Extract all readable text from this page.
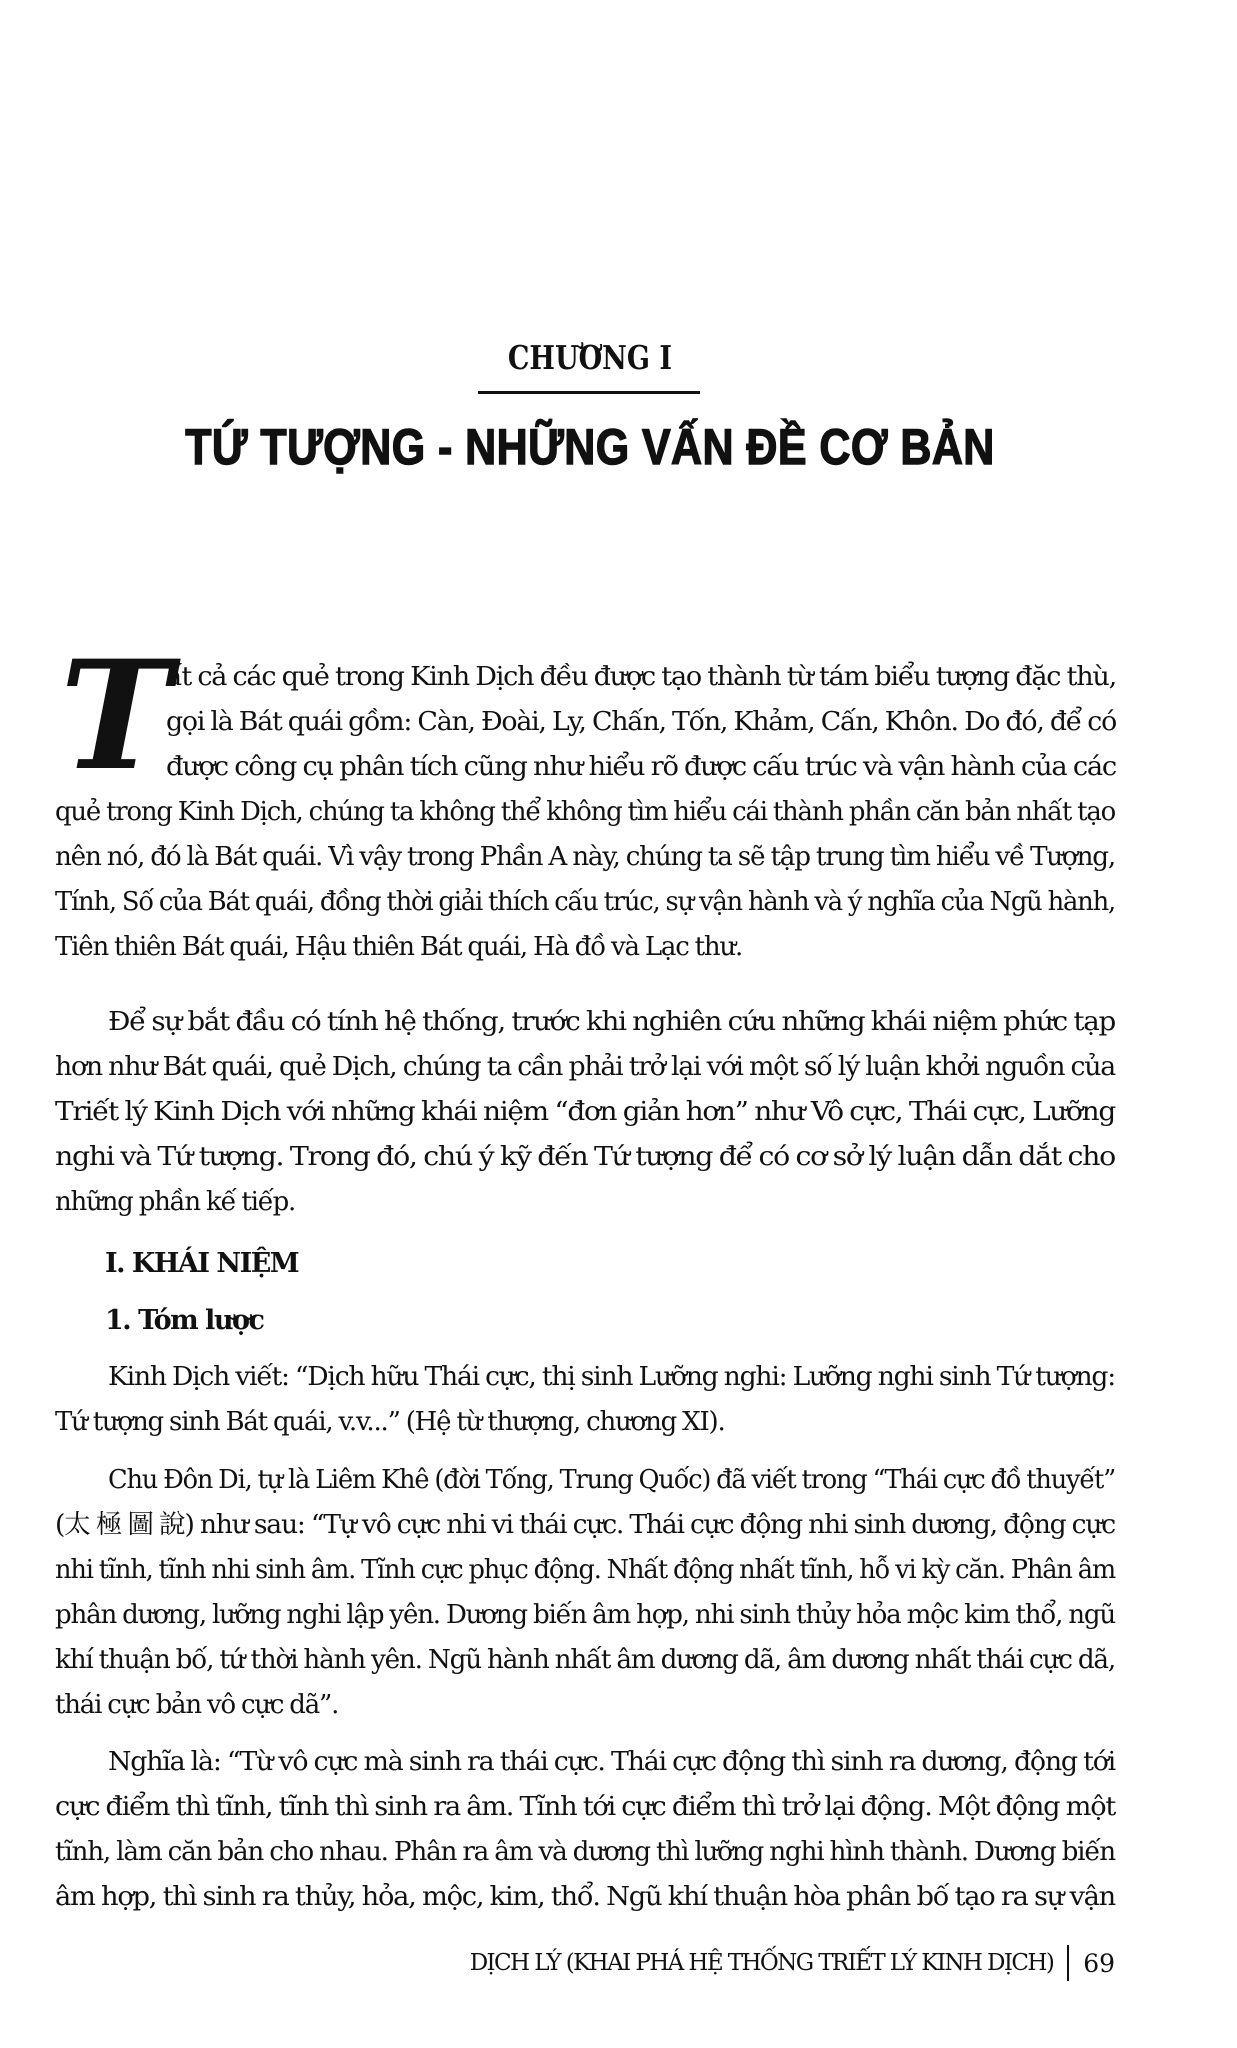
CHƯƠNG I
TỨ TƯỢNG - NHỮNG VẤN ĐỀ CƠ BẢN
T
ất cả các quẻ trong Kinh Dịch đều được tạo thành từ tám biểu tượng đặc thù,
gọi là Bát quái gồm: Càn, Đoài, Ly, Chấn, Tốn, Khảm, Cấn, Khôn. Do đó, để có
được công cụ phân tích cũng như hiểu rõ được cấu trúc và vận hành của các
quẻ trong Kinh Dịch, chúng ta không thể không tìm hiểu cái thành phần căn bản nhất tạo
nên nó, đó là Bát quái. Vì vậy trong Phần A này, chúng ta sẽ tập trung tìm hiểu về Tượng,
Tính, Số của Bát quái, đồng thời giải thích cấu trúc, sự vận hành và ý nghĩa của Ngũ hành,
Tiên thiên Bát quái, Hậu thiên Bát quái, Hà đồ và Lạc thư.
Để sự bắt đầu có tính hệ thống, trước khi nghiên cứu những khái niệm phức tạp
hơn như Bát quái, quẻ Dịch, chúng ta cần phải trở lại với một số lý luận khởi nguồn của
Triết lý Kinh Dịch với những khái niệm “đơn giản hơn” như Vô cực, Thái cực, Lưỡng
nghi và Tứ tượng. Trong đó, chú ý kỹ đến Tứ tượng để có cơ sở lý luận dẫn dắt cho
những phần kế tiếp.
I. KHÁI NIỆM
1. Tóm lược
Kinh Dịch viết: “Dịch hữu Thái cực, thị sinh Lưỡng nghi: Lưỡng nghi sinh Tứ tượng:
Tứ tượng sinh Bát quái, v.v...” (Hệ từ thượng, chương XI).
Chu Đôn Di, tự là Liêm Khê (đời Tống, Trung Quốc) đã viết trong “Thái cực đồ thuyết”
(太 極 圖 說) như sau: “Tự vô cực nhi vi thái cực. Thái cực động nhi sinh dương, động cực
nhi tĩnh, tĩnh nhi sinh âm. Tĩnh cực phục động. Nhất động nhất tĩnh, hỗ vi kỳ căn. Phân âm
phân dương, lưỡng nghi lập yên. Dương biến âm hợp, nhi sinh thủy hỏa mộc kim thổ, ngũ
khí thuận bố, tứ thời hành yên. Ngũ hành nhất âm dương dã, âm dương nhất thái cực dã,
thái cực bản vô cực dã”.
Nghĩa là: “Từ vô cực mà sinh ra thái cực. Thái cực động thì sinh ra dương, động tới
cực điểm thì tĩnh, tĩnh thì sinh ra âm. Tĩnh tới cực điểm thì trở lại động. Một động một
tĩnh, làm căn bản cho nhau. Phân ra âm và dương thì lưỡng nghi hình thành. Dương biến
âm hợp, thì sinh ra thủy, hỏa, mộc, kim, thổ. Ngũ khí thuận hòa phân bố tạo ra sự vận
DỊCH LÝ (KHAI PHÁ HỆ THỐNG TRIẾT LÝ KINH DỊCH) 69
